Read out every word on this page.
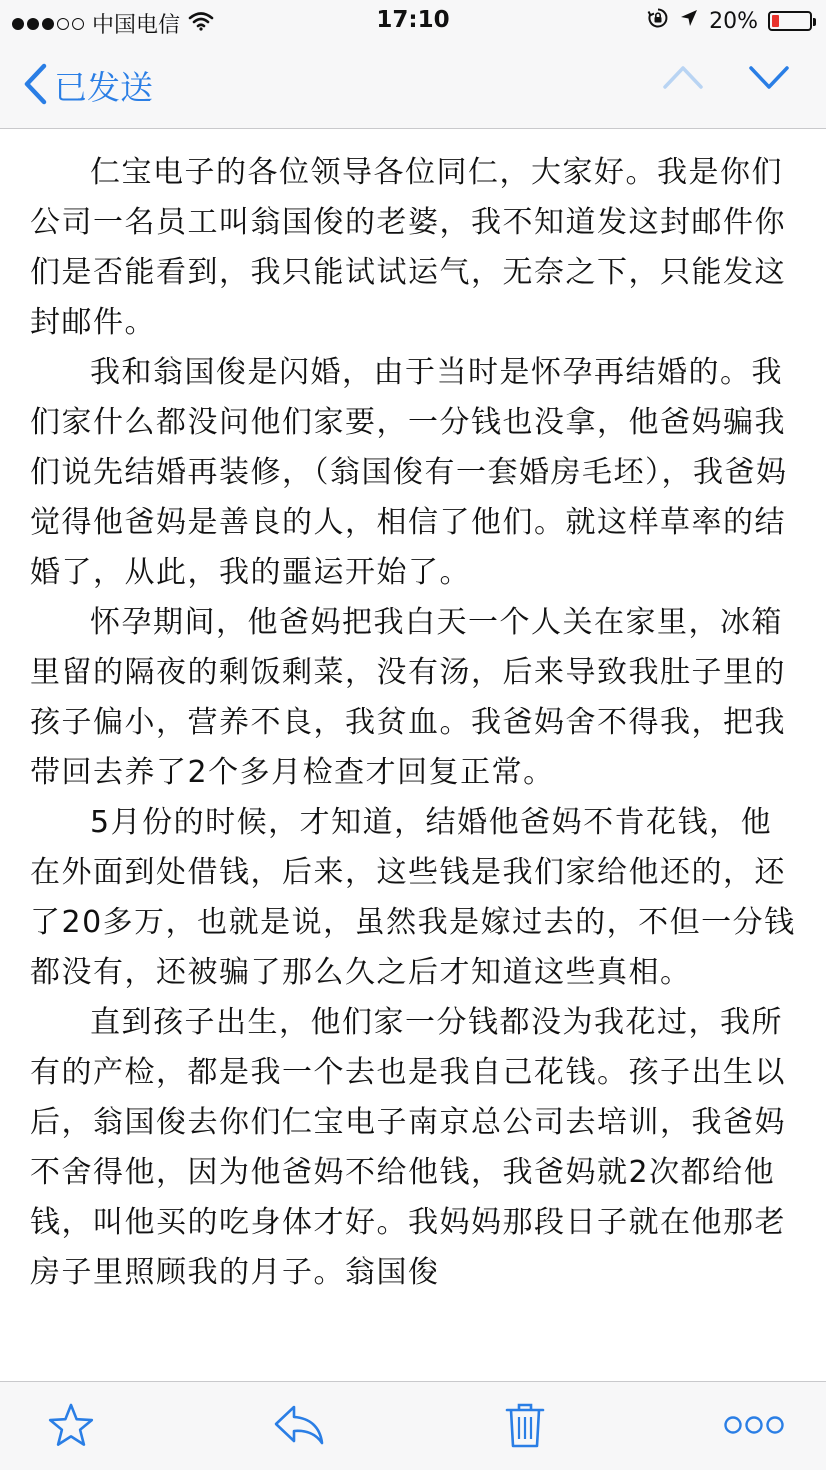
中国电信	17:10	20%
已发送

仁宝电子的各位领导各位同仁，大家好。我是你们公司一名员工叫翁国俊的老婆，我不知道发这封邮件你们是否能看到，我只能试试运气，无奈之下，只能发这封邮件。

我和翁国俊是闪婚，由于当时是怀孕再结婚的。我们家什么都没问他们家要，一分钱也没拿，他爸妈骗我们说先结婚再装修，（翁国俊有一套婚房毛坯），我爸妈觉得他爸妈是善良的人，相信了他们。就这样草率的结婚了，从此，我的噩运开始了。

怀孕期间，他爸妈把我白天一个人关在家里，冰箱里留的隔夜的剩饭剩菜，没有汤，后来导致我肚子里的孩子偏小，营养不良，我贫血。我爸妈舍不得我，把我带回去养了2个多月检查才回复正常。

5月份的时候，才知道，结婚他爸妈不肯花钱，他在外面到处借钱，后来，这些钱是我们家给他还的，还了20多万，也就是说，虽然我是嫁过去的，不但一分钱都没有，还被骗了那么久之后才知道这些真相。

直到孩子出生，他们家一分钱都没为我花过，我所有的产检，都是我一个去也是我自己花钱。孩子出生以后，翁国俊去你们仁宝电子南京总公司去培训，我爸妈不舍得他，因为他爸妈不给他钱，我爸妈就2次都给他钱，叫他买的吃身体才好。我妈妈那段日子就在他那老房子里照顾我的月子。翁国俊
